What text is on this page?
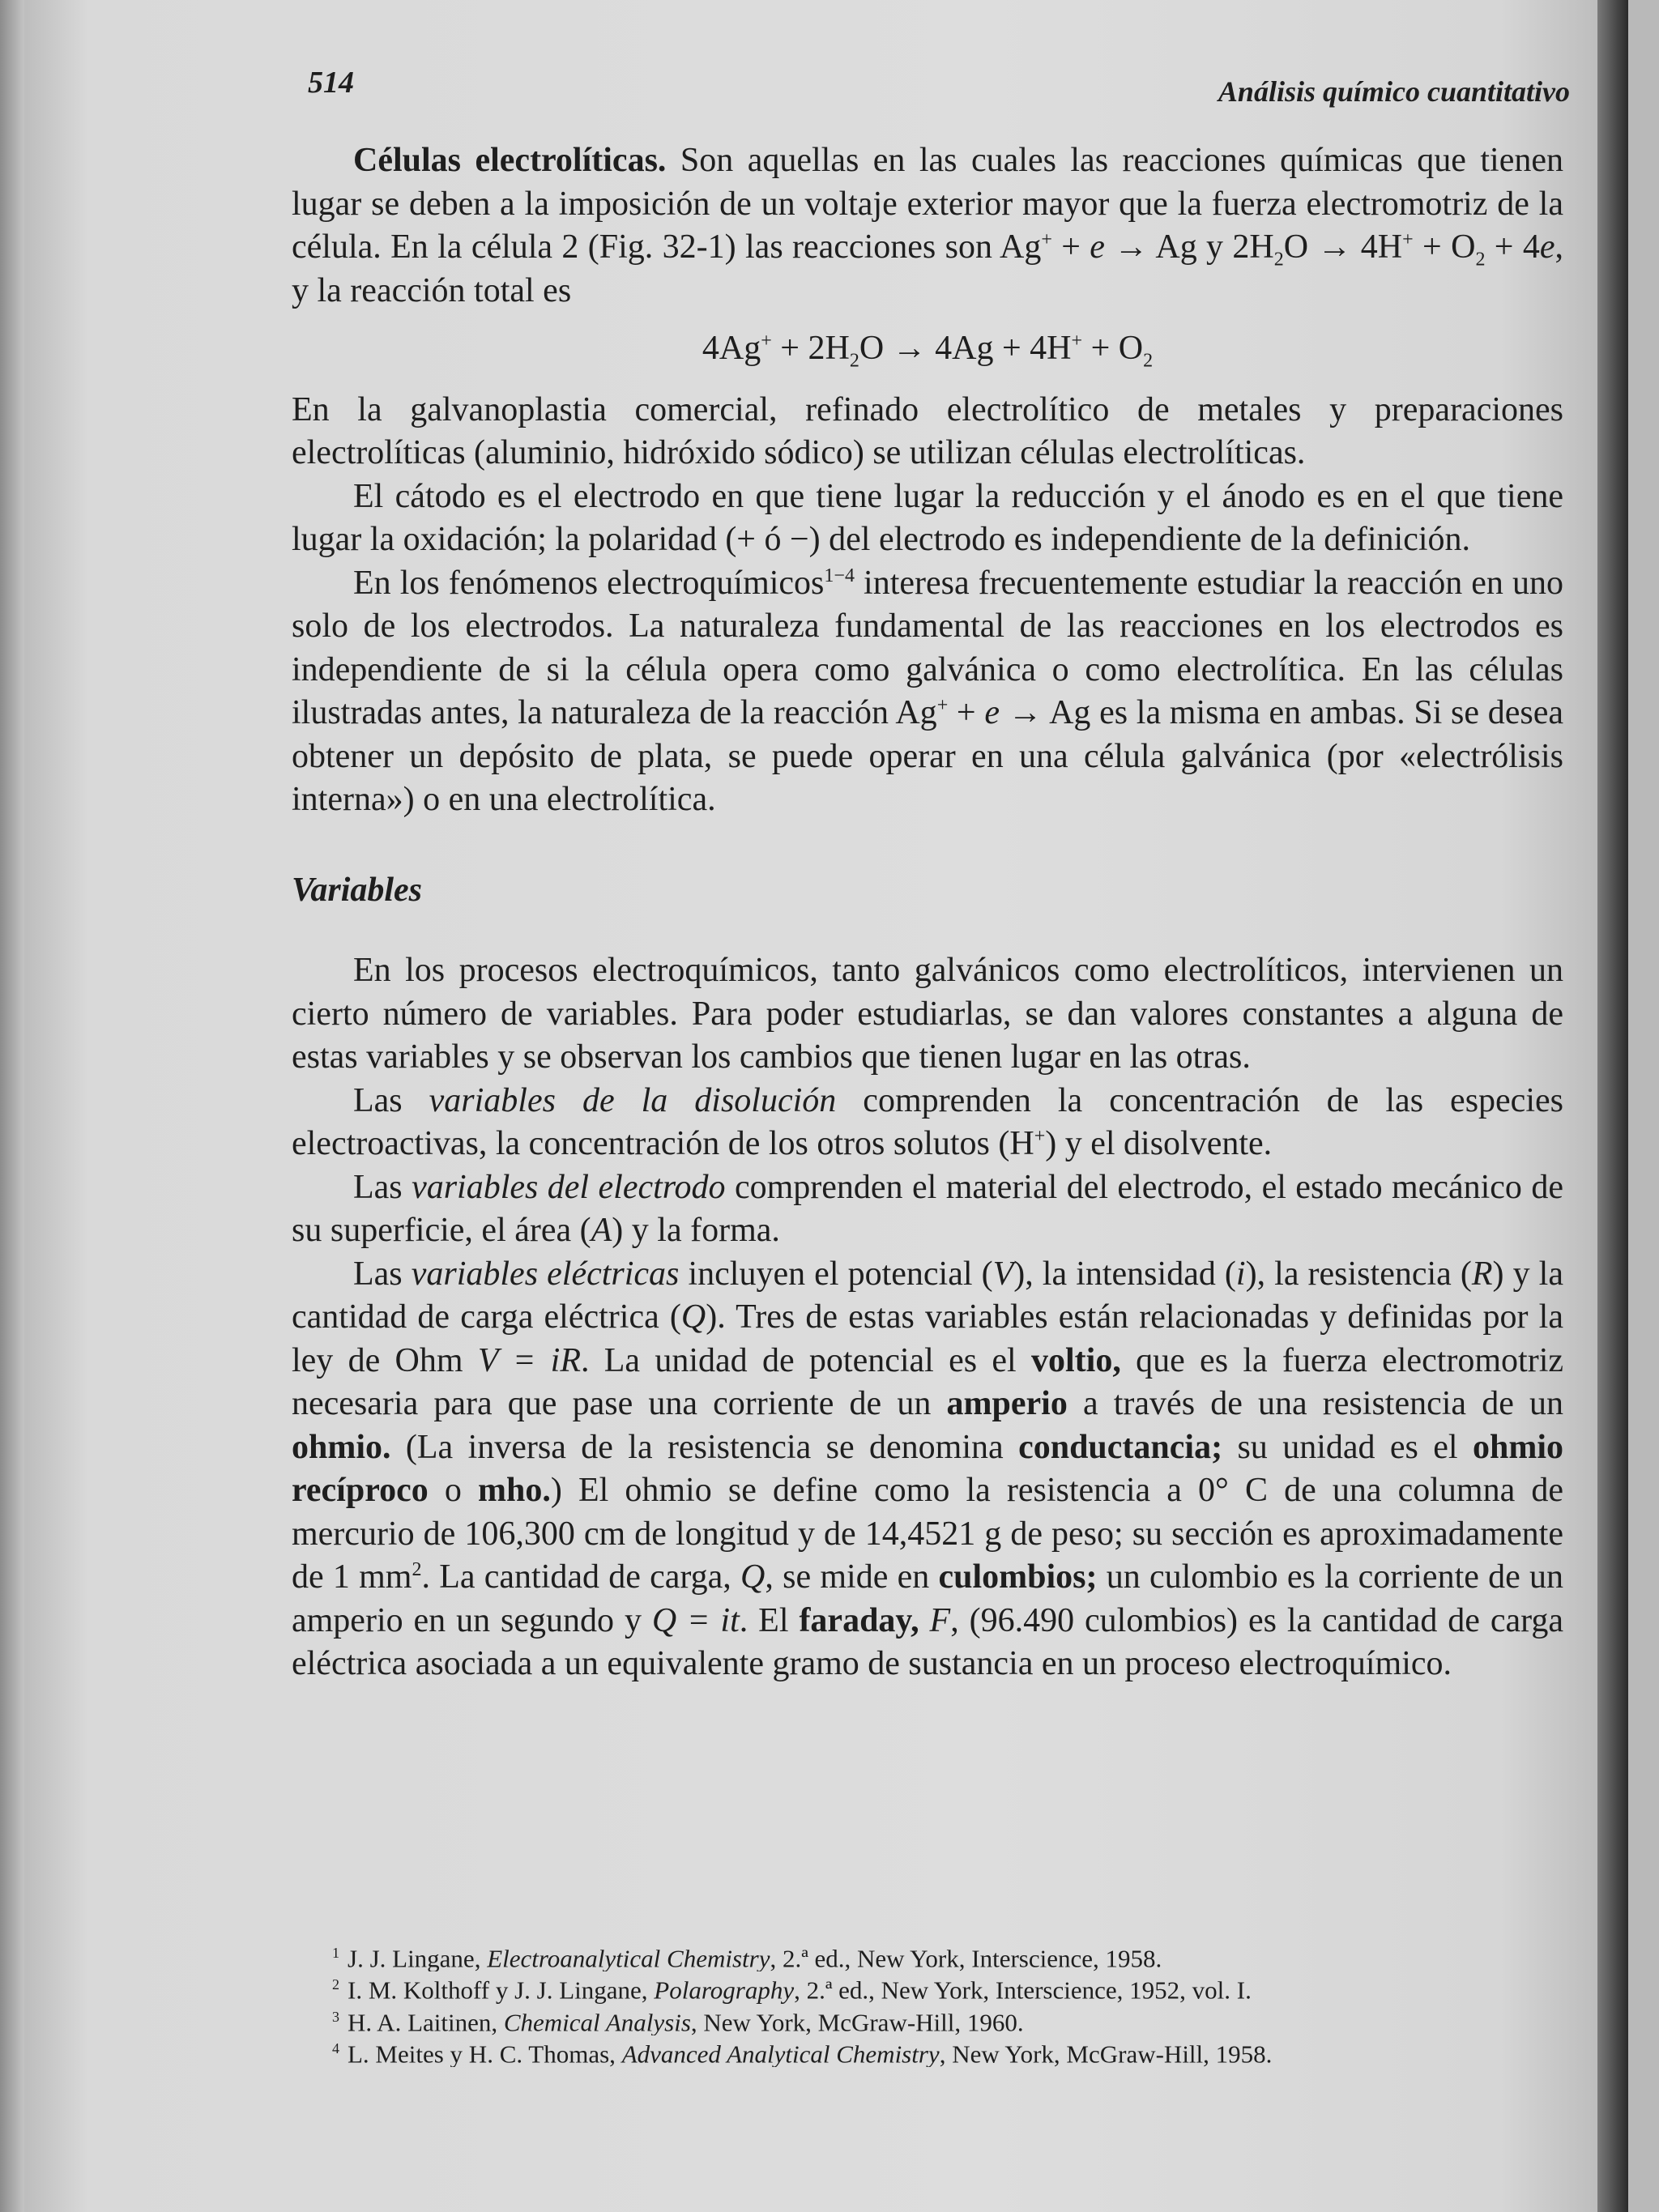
514	Análisis químico cuantitativo

Células electrolíticas. Son aquellas en las cuales las reacciones químicas que tienen lugar se deben a la imposición de un voltaje exterior mayor que la fuerza electromotriz de la célula. En la célula 2 (Fig. 32-1) las reacciones son Ag+ + e → Ag y $2H_2O \to 4H^+ + O_2 + 4e$, y la reacción total es

$4Ag^+ + 2H_2O \to 4Ag + 4H^+ + O_2$

En la galvanoplastia comercial, refinado electrolítico de metales y preparaciones electrolíticas (aluminio, hidróxido sódico) se utilizan células electrolíticas.

El cátodo es el electrodo en que tiene lugar la reducción y el ánodo es en el que tiene lugar la oxidación; la polaridad (+ ó −) del electrodo es independiente de la definición.

En los fenómenos electroquímicos$^{1-4}$ interesa frecuentemente estudiar la reacción en uno solo de los electrodos. La naturaleza fundamental de las reacciones en los electrodos es independiente de si la célula opera como galvánica o como electrolítica. En las células ilustradas antes, la naturaleza de la reacción Ag+ + e → Ag es la misma en ambas. Si se desea obtener un depósito de plata, se puede operar en una célula galvánica (por «electrólisis interna») o en una electrolítica.

Variables

En los procesos electroquímicos, tanto galvánicos como electrolíticos, intervienen un cierto número de variables. Para poder estudiarlas, se dan valores constantes a alguna de estas variables y se observan los cambios que tienen lugar en las otras.

Las variables de la disolución comprenden la concentración de las especies electroactivas, la concentración de los otros solutos (H+) y el disolvente.

Las variables del electrodo comprenden el material del electrodo, el estado mecánico de su superficie, el área (A) y la forma.

Las variables eléctricas incluyen el potencial (V), la intensidad (i), la resistencia (R) y la cantidad de carga eléctrica (Q). Tres de estas variables están relacionadas y definidas por la ley de Ohm V = iR. La unidad de potencial es el voltio, que es la fuerza electromotriz necesaria para que pase una corriente de un amperio a través de una resistencia de un ohmio. (La inversa de la resistencia se denomina conductancia; su unidad es el ohmio recíproco o mho.) El ohmio se define como la resistencia a 0° C de una columna de mercurio de 106,300 cm de longitud y de 14,4521 g de peso; su sección es aproximadamente de 1 $mm^2$. La cantidad de carga, Q, se mide en culombios; un culombio es la corriente de un amperio en un segundo y Q = it. El faraday, F, (96.490 culombios) es la cantidad de carga eléctrica asociada a un equivalente gramo de sustancia en un proceso electroquímico.

$^1$ J. J. Lingane, Electroanalytical Chemistry, 2.ª ed., New York, Interscience, 1958.
$^2$ I. M. Kolthoff y J. J. Lingane, Polarography, 2.ª ed., New York, Interscience, 1952, vol. I.
$^3$ H. A. Laitinen, Chemical Analysis, New York, McGraw-Hill, 1960.
$^4$ L. Meites y H. C. Thomas, Advanced Analytical Chemistry, New York, McGraw-Hill, 1958.
